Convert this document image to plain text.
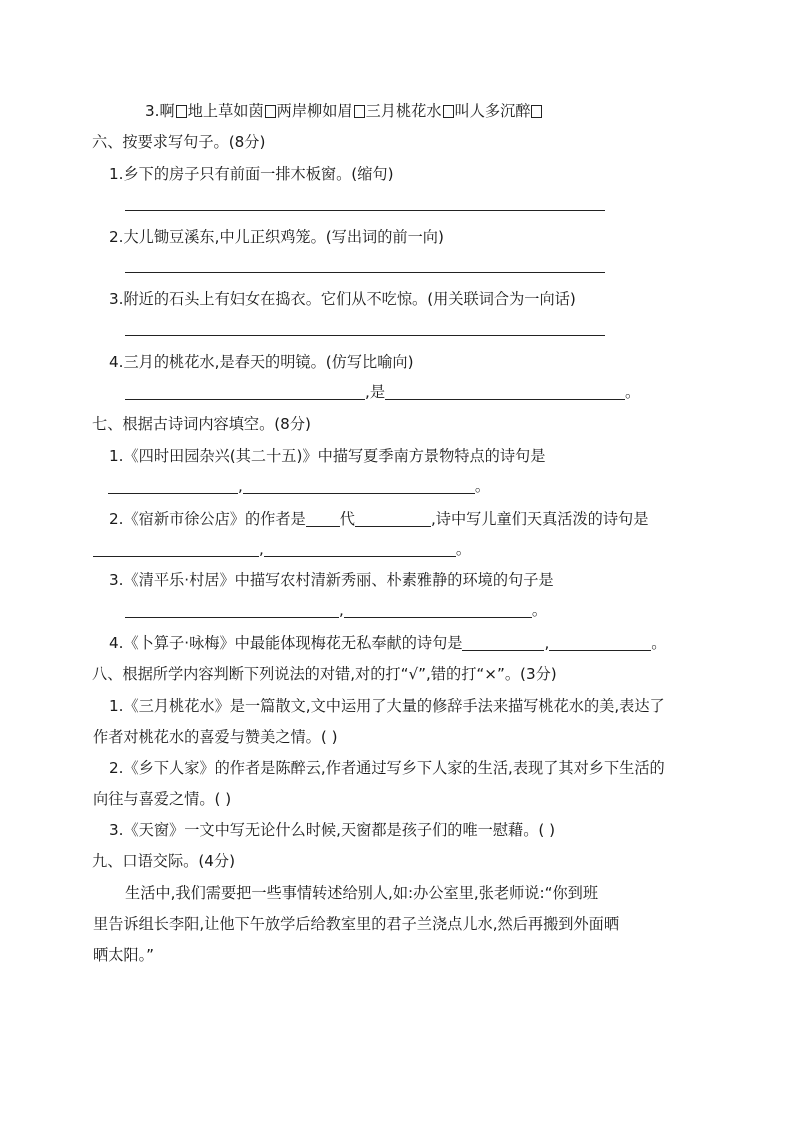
3.啊 地上草如茵 两岸柳如眉 三月桃花水 叫人多沉醉
六、按要求写句子。(8分)
1.乡下的房子只有前面一排木板窗。(缩句)
2.大儿锄豆溪东,中儿正织鸡笼。(写出词的前一向)
3.附近的石头上有妇女在捣衣。它们从不吃惊。(用关联词合为一向话)
4.三月的桃花水,是春天的明镜。(仿写比喻向)
,是	。
七、根据古诗词内容填空。(8分)
1.《四时田园杂兴(其二十五)》中描写夏季南方景物特点的诗句是
,	。
2.《宿新市徐公店》的作者是 代	,诗中写儿童们天真活泼的诗句是
,	。
3.《清平乐·村居》中描写农村清新秀丽、朴素雅静的环境的句子是
,	。
4.《卜算子·咏梅》中最能体现梅花无私奉献的诗句是	,	。
八、根据所学内容判断下列说法的对错,对的打“√”,错的打“×”。(3分)
1.《三月桃花水》是一篇散文,文中运用了大量的修辞手法来描写桃花水的美,表达了
作者对桃花水的喜爱与赞美之情。( )
2.《乡下人家》的作者是陈醉云,作者通过写乡下人家的生活,表现了其对乡下生活的
向往与喜爱之情。( )
3.《天窗》一文中写无论什么时候,天窗都是孩子们的唯一慰藉。( )
九、口语交际。(4分)
生活中,我们需要把一些事情转述给别人,如:办公室里,张老师说:“你到班
里告诉组长李阳,让他下午放学后给教室里的君子兰浇点儿水,然后再搬到外面晒
晒太阳。”
